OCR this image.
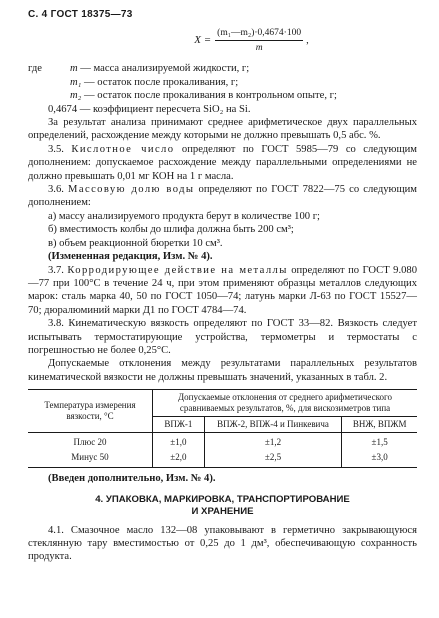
С. 4 ГОСТ 18375—73
$X = \frac{\text{(m₁—m₂)·0,4674·100}}{m}$ ,
где	m — масса анализируемой жидкости, г;
m₁ — остаток после прокаливания, г;
m₂ — остаток после прокаливания в контрольном опыте, г;
0,4674 — коэффициент пересчета SiO₂ на Si.

За результат анализа принимают среднее арифметическое двух параллельных определений, расхождение между которыми не должно превышать 0,5 абс. %.

3.5. Кислотное число определяют по ГОСТ 5985—79 со следующим дополнением: допускаемое расхождение между параллельными определениями не должно превышать 0,01 мг КОН на 1 г масла.

3.6. Массовую долю воды определяют по ГОСТ 7822—75 со следующим дополнением:

а) массу анализируемого продукта берут в количестве 100 г;

б) вместимость колбы до шлифа должна быть 200 см³;

в) объем реакционной бюретки 10 см³.

(Измененная редакция, Изм. № 4).

3.7. Корродирующее действие на металлы определяют по ГОСТ 9.080—77 при 100°С в течение 24 ч, при этом применяют образцы металлов следующих марок: сталь марка 40, 50 по ГОСТ 1050—74; латунь марки Л-63 по ГОСТ 15527—70; дюралюминий марки Д1 по ГОСТ 4784—74.

3.8. Кинематическую вязкость определяют по ГОСТ 33—82. Вязкость следует испытывать термостатирующие устройства, термометры и термостаты с погрешностью не более 0,25°С.

Допускаемые отклонения между результатами параллельных результатов кинематической вязкости не должны превышать значений, указанных в табл. 2.

Температура измерения вязкости, °С	Допускаемые отклонения от среднего арифметического сравниваемых результатов, %, для вискозиметров типа		
	ВПЖ-1	ВПЖ-2, ВПЖ-4 и Пинкевича	ВНЖ, ВПЖМ
Плюс 20	±1,0	±1,2	±1,5
Минус 50	±2,0	±2,5	±3,0

(Введен дополнительно, Изм. № 4).

4. УПАКОВКА, МАРКИРОВКА, ТРАНСПОРТИРОВАНИЕ
И ХРАНЕНИЕ

4.1. Смазочное масло 132—08 упаковывают в герметично закрывающуюся стеклянную тару вместимостью от 0,25 до 1 дм³, обеспечивающую сохранность продукта.
